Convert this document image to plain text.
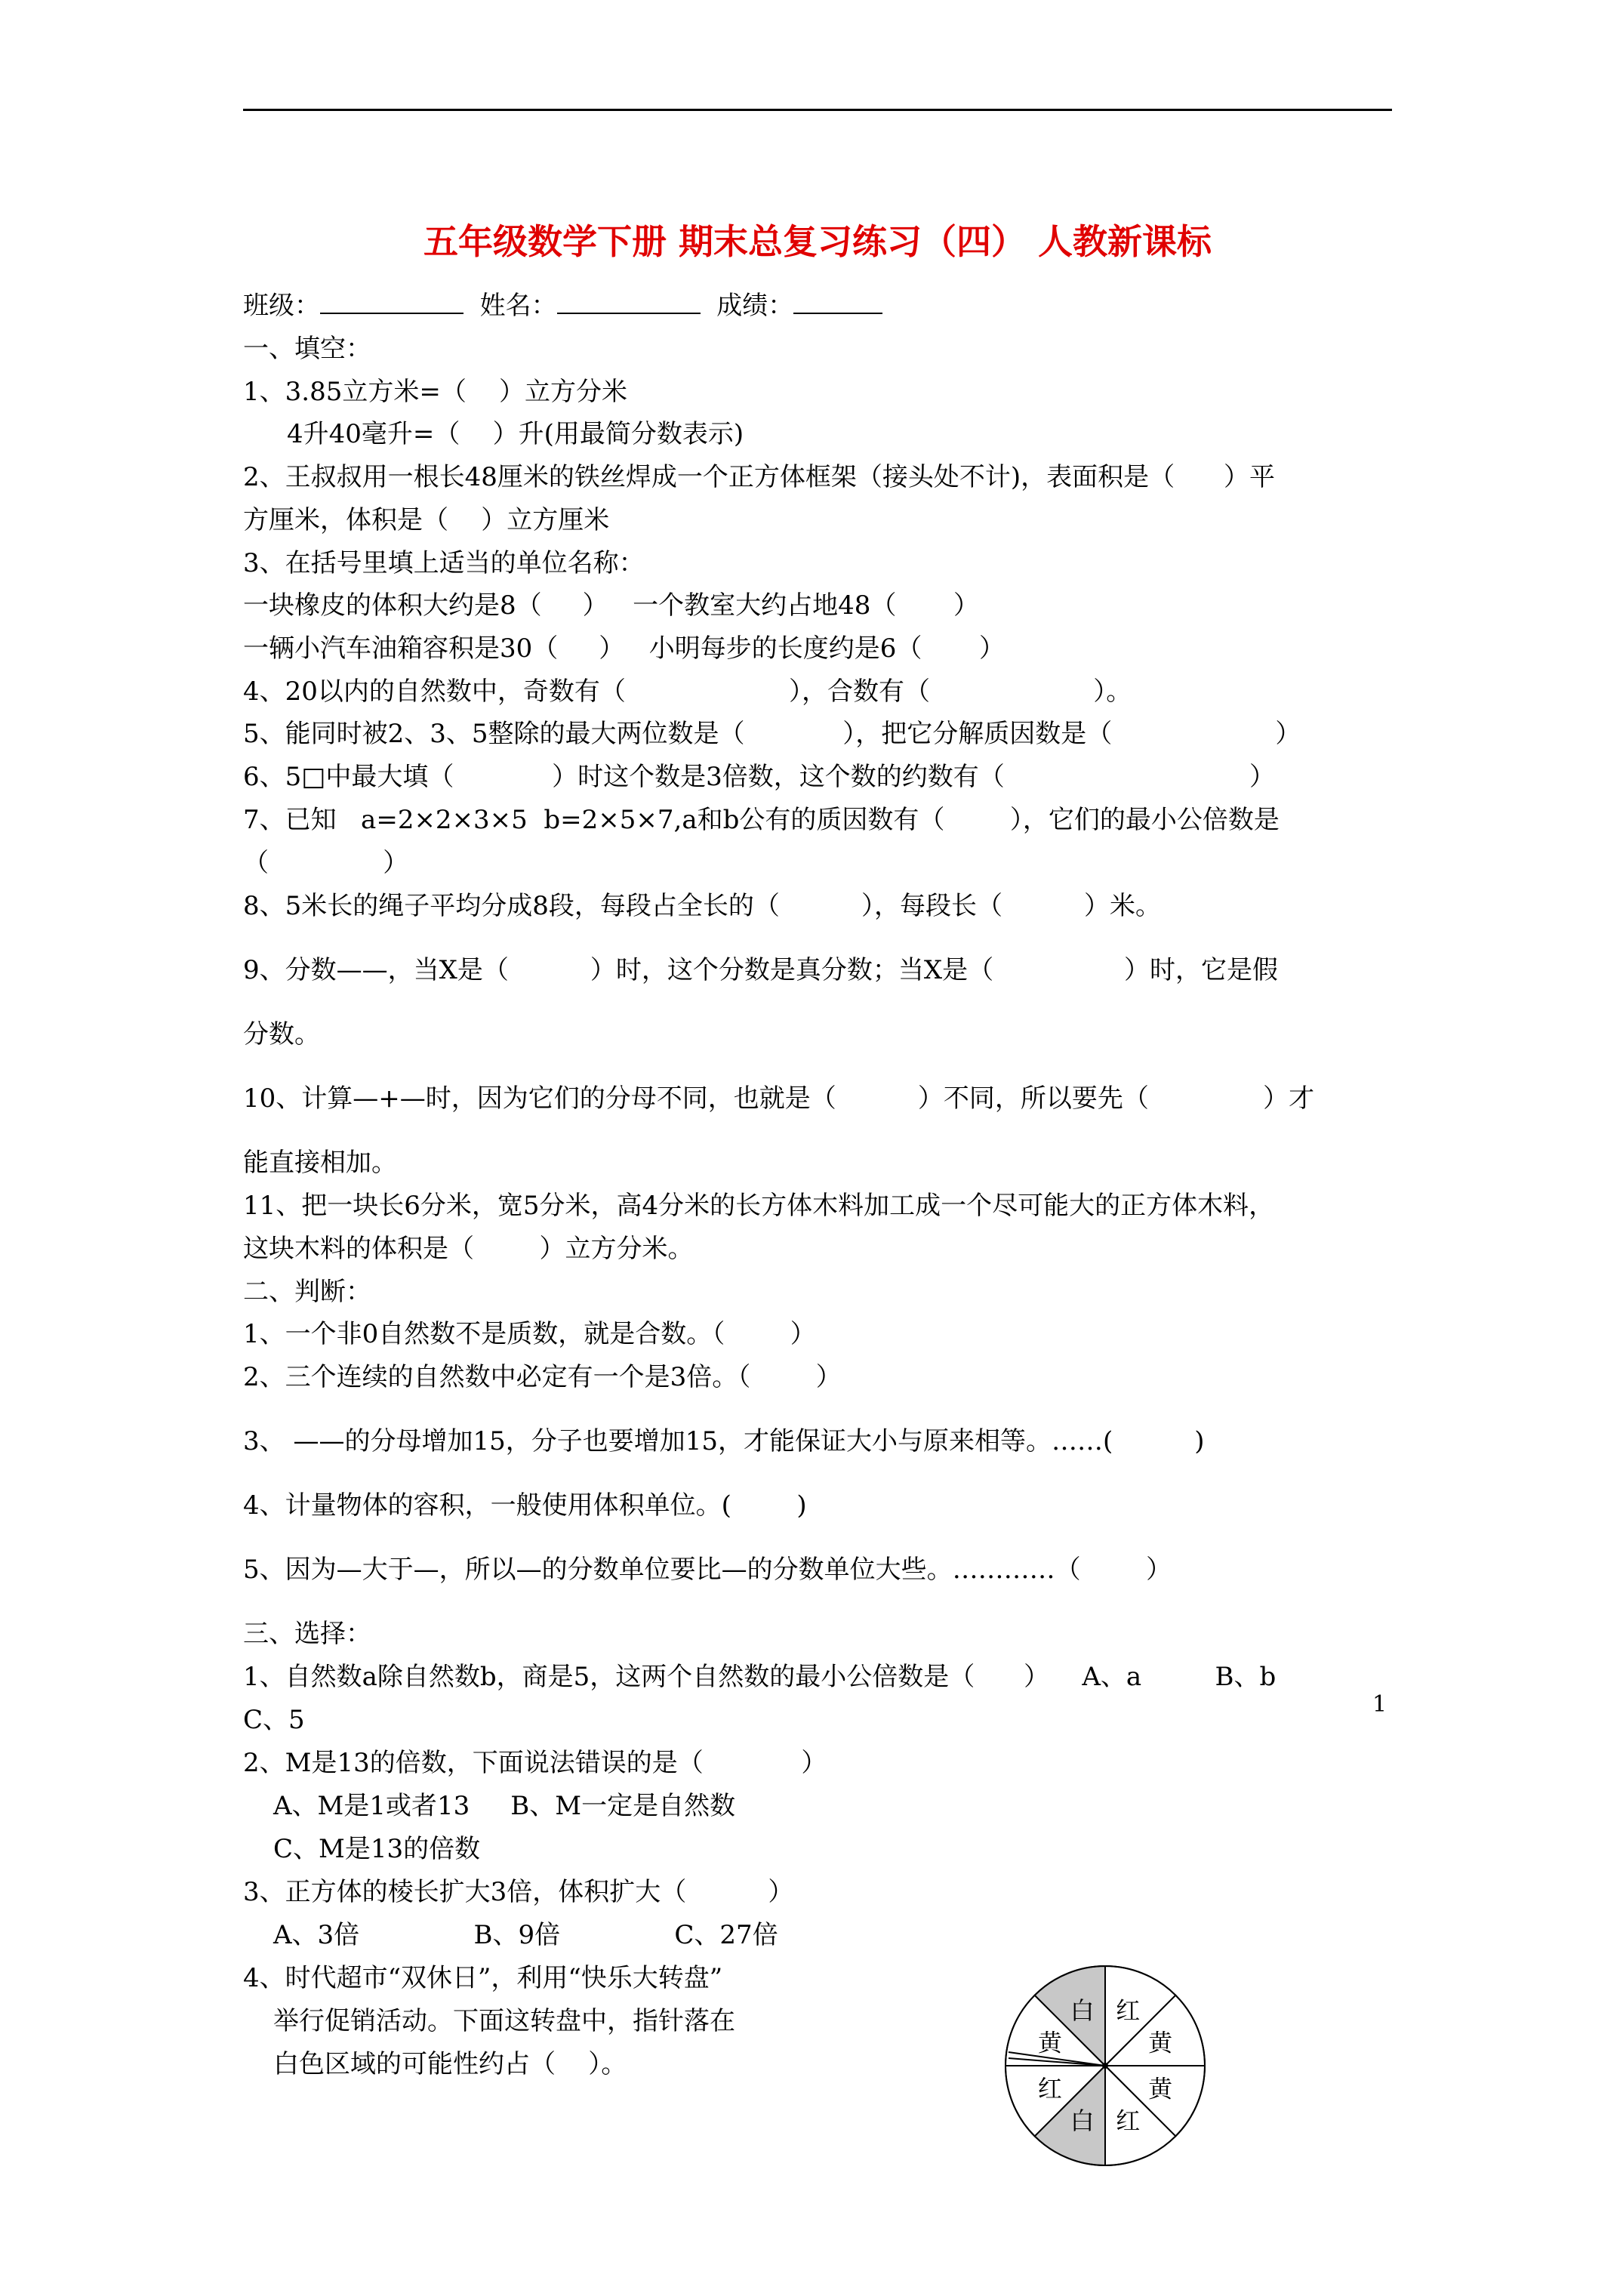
五年级数学下册 期末总复习练习（四） 人教新课标
班级：	姓名：	成绩：
一、填空：
1、3.85立方米=（    ）立方分米
4升40毫升=（    ）升(用最简分数表示)
2、王叔叔用一根长48厘米的铁丝焊成一个正方体框架（接头处不计)，表面积是（      ）平
方厘米，体积是（    ）立方厘米
3、在括号里填上适当的单位名称：
一块橡皮的体积大约是8（     ）   一个教室大约占地48（       ）
一辆小汽车油箱容积是30（     ）   小明每步的长度约是6（       ）
4、20以内的自然数中，奇数有（                    ），合数有（                    ）。
5、能同时被2、3、5整除的最大两位数是（            ），把它分解质因数是（                    ）
6、5□中最大填（            ）时这个数是3倍数，这个数的约数有（                              ）
7、已知   a=2×2×3×5  b=2×5×7,a和b公有的质因数有（        ），它们的最小公倍数是
（              ）
8、5米长的绳子平均分成8段，每段占全长的（          ），每段长（          ）米。
9、分数——，当X是（          ）时，这个分数是真分数；当X是（                ）时，它是假
分数。
10、计算—+—时，因为它们的分母不同，也就是（          ）不同，所以要先（              ）才
能直接相加。
11、把一块长6分米，宽5分米，高4分米的长方体木料加工成一个尽可能大的正方体木料，
这块木料的体积是（        ）立方分米。
二、判断：
1、一个非0自然数不是质数，就是合数。（        ）
2、三个连续的自然数中必定有一个是3倍。（        ）
3、 ——的分母增加15，分子也要增加15，才能保证大小与原来相等。……(          )
4、计量物体的容积，一般使用体积单位。(        )
5、因为—大于—，所以—的分数单位要比—的分数单位大些。…………（        ）
三、选择：
1、自然数a除自然数b，商是5，这两个自然数的最小公倍数是（      ）    A、a         B、b
C、5
2、M是13的倍数，下面说法错误的是（            ）
A、M是1或者13     B、M一定是自然数
C、M是13的倍数
3、正方体的棱长扩大3倍，体积扩大（          ）
A、3倍              B、9倍              C、27倍
4、时代超市“双休日”，利用“快乐大转盘”
举行促销活动。下面这转盘中，指针落在
白色区域的可能性约占（    ）。
红
黄
黄
红
白
红
黄
白
1
